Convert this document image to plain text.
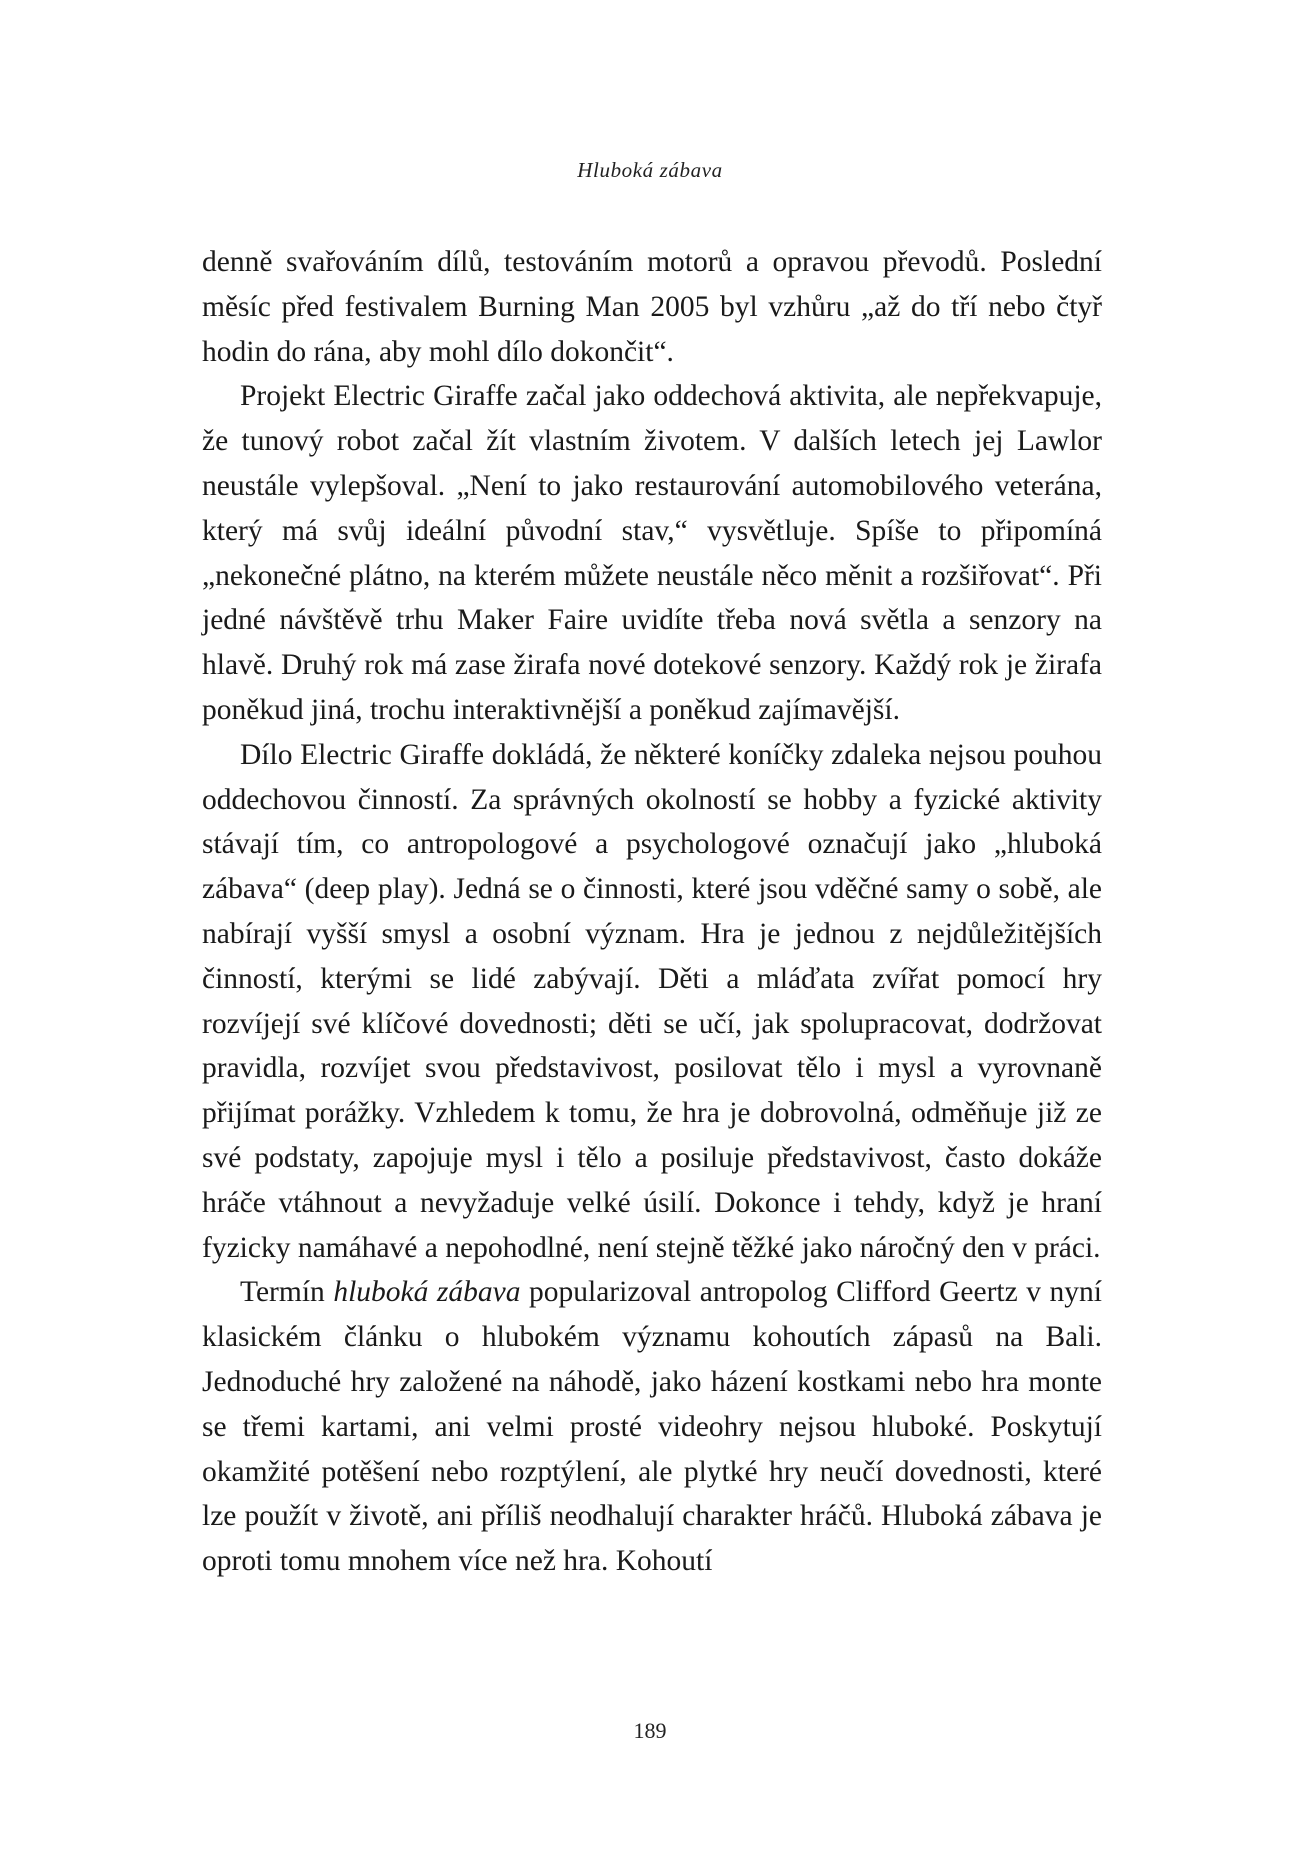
Hluboká zábava

denně svařováním dílů, testováním motorů a opravou převodů. Poslední měsíc před festivalem Burning Man 2005 byl vzhůru „až do tří nebo čtyř hodin do rána, aby mohl dílo dokončit“.

Projekt Electric Giraffe začal jako oddechová aktivita, ale nepřekvapuje, že tunový robot začal žít vlastním životem. V dalších letech jej Lawlor neustále vylepšoval. „Není to jako restaurování automobilového veterána, který má svůj ideální původní stav,“ vysvětluje. Spíše to připomíná „nekonečné plátno, na kterém můžete neustále něco měnit a rozšiřovat“. Při jedné návštěvě trhu Maker Faire uvidíte třeba nová světla a senzory na hlavě. Druhý rok má zase žirafa nové dotekové senzory. Každý rok je žirafa poněkud jiná, trochu interaktivnější a poněkud zajímavější.

Dílo Electric Giraffe dokládá, že některé koníčky zdaleka nejsou pouhou oddechovou činností. Za správných okolností se hobby a fyzické aktivity stávají tím, co antropologové a psychologové označují jako „hluboká zábava“ (deep play). Jedná se o činnosti, které jsou vděčné samy o sobě, ale nabírají vyšší smysl a osobní význam. Hra je jednou z nejdůležitějších činností, kterými se lidé zabývají. Děti a mláďata zvířat pomocí hry rozvíjejí své klíčové dovednosti; děti se učí, jak spolupracovat, dodržovat pravidla, rozvíjet svou představivost, posilovat tělo i mysl a vyrovnaně přijímat porážky. Vzhledem k tomu, že hra je dobrovolná, odměňuje již ze své podstaty, zapojuje mysl i tělo a posiluje představivost, často dokáže hráče vtáhnout a nevyžaduje velké úsilí. Dokonce i tehdy, když je hraní fyzicky namáhavé a nepohodlné, není stejně těžké jako náročný den v práci.

Termín hluboká zábava popularizoval antropolog Clifford Geertz v nyní klasickém článku o hlubokém významu kohoutích zápasů na Bali. Jednoduché hry založené na náhodě, jako házení kostkami nebo hra monte se třemi kartami, ani velmi prosté videohry nejsou hluboké. Poskytují okamžité potěšení nebo rozptýlení, ale plytké hry neučí dovednosti, které lze použít v životě, ani příliš neodhalují charakter hráčů. Hluboká zábava je oproti tomu mnohem více než hra. Kohoutí

189
